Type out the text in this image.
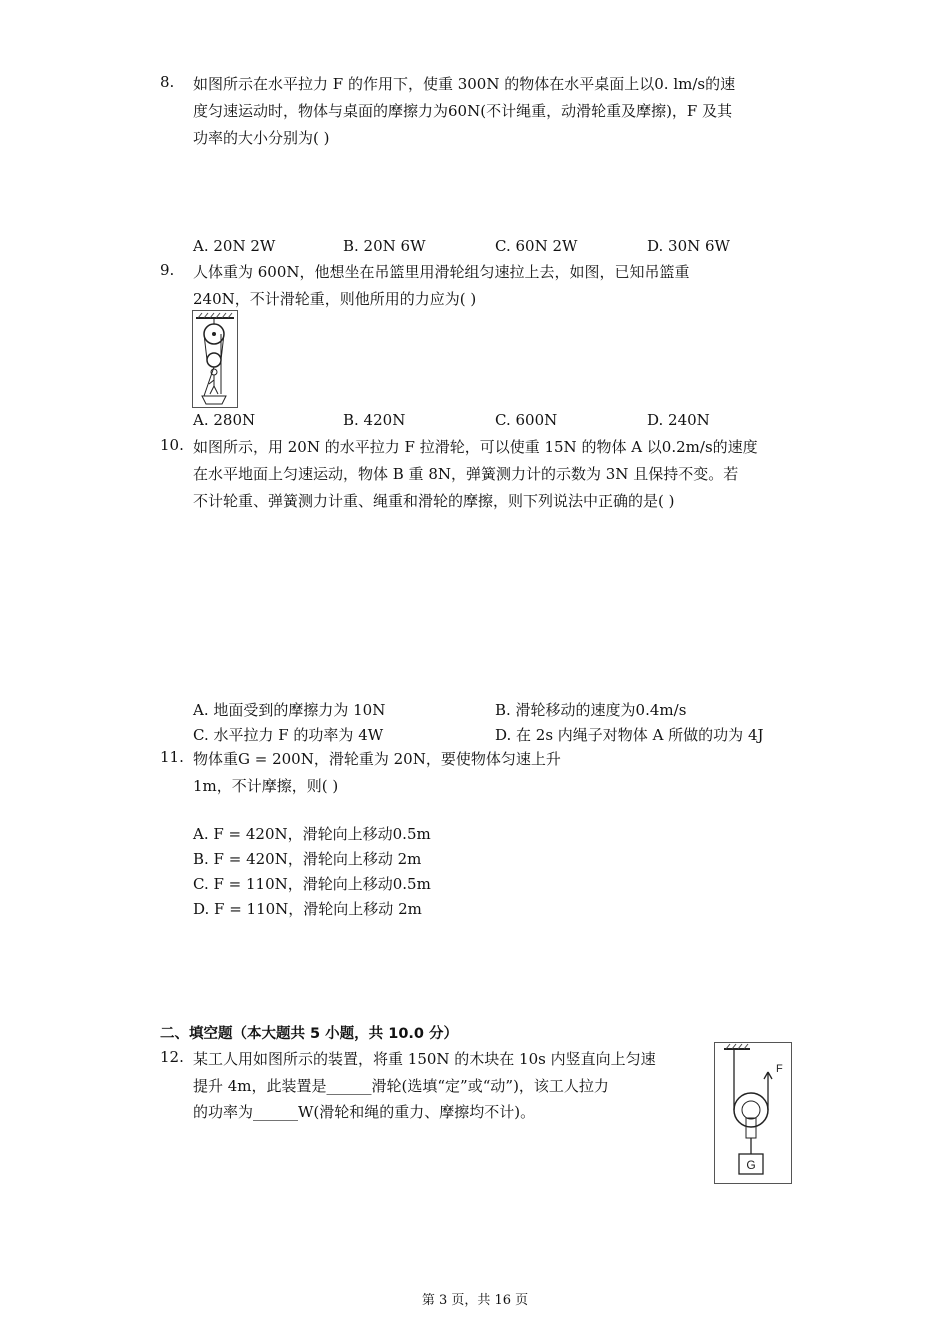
8. 如图所示在水平拉力 F 的作用下，使重 300N 的物体在水平桌面上以0. lm/s的速
度匀速运动时，物体与桌面的摩擦力为60N(不计绳重，动滑轮重及摩擦)，F 及其
功率的大小分别为( )
A. 20N 2W	B. 20N 6W	C. 60N 2W	D. 30N 6W
9. 人体重为 600N，他想坐在吊篮里用滑轮组匀速拉上去，如图，已知吊篮重
240N，不计滑轮重，则他所用的力应为( )
A. 280N	B. 420N	C. 600N	D. 240N
10. 如图所示，用 20N 的水平拉力 F 拉滑轮，可以使重 15N 的物体 A 以0.2m/s的速度
在水平地面上匀速运动，物体 B 重 8N，弹簧测力计的示数为 3N 且保持不变。若
不计轮重、弹簧测力计重、绳重和滑轮的摩擦，则下列说法中正确的是( )
A. 地面受到的摩擦力为 10N	B. 滑轮移动的速度为0.4m/s
C. 水平拉力 F 的功率为 4W	D. 在 2s 内绳子对物体 A 所做的功为 4J
11. 物体重G = 200N，滑轮重为 20N，要使物体匀速上升
1m，不计摩擦，则( )
A. F = 420N，滑轮向上移动0.5m
B. F = 420N，滑轮向上移动 2m
C. F = 110N，滑轮向上移动0.5m
D. F = 110N，滑轮向上移动 2m
二、填空题（本大题共 5 小题，共 10.0 分）
12. 某工人用如图所示的装置，将重 150N 的木块在 10s 内竖直向上匀速
提升 4m，此装置是______滑轮(选填“定”或“动”)，该工人拉力
的功率为______W(滑轮和绳的重力、摩擦均不计)。
F
G
第 3 页，共 16 页
